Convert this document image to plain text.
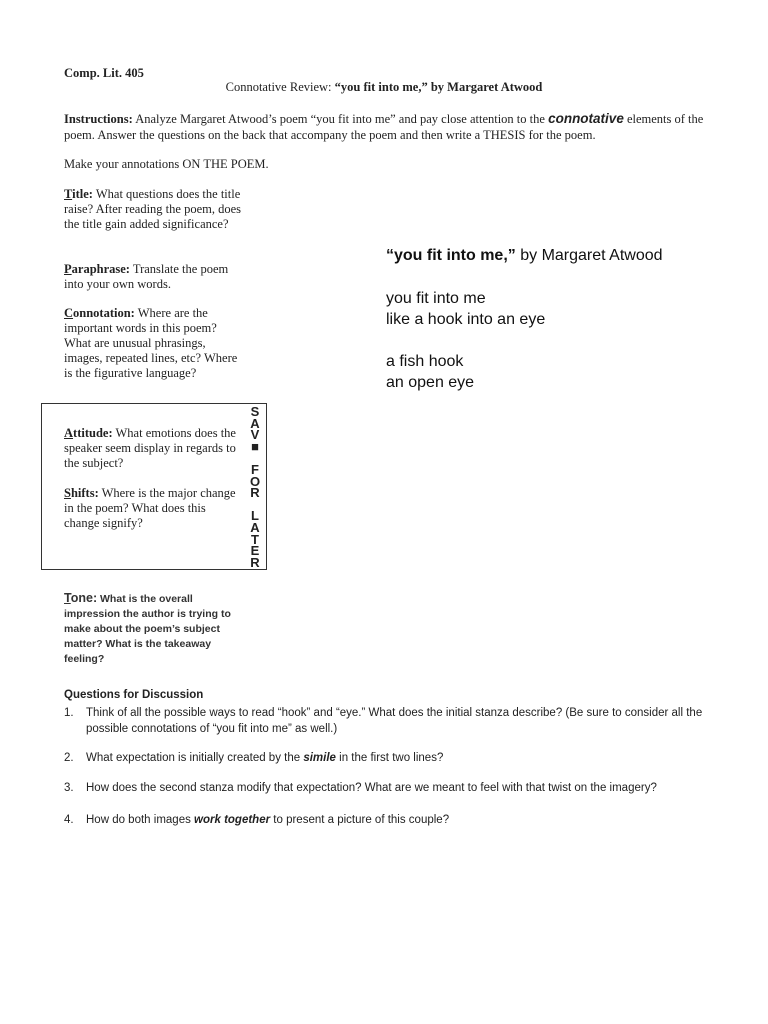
Comp. Lit. 405
Connotative Review: “you fit into me,” by Margaret Atwood
Instructions: Analyze Margaret Atwood’s poem “you fit into me” and pay close attention to the connotative elements of the poem. Answer the questions on the back that accompany the poem and then write a THESIS for the poem.
Make your annotations ON THE POEM.
Title: What questions does the title raise? After reading the poem, does the title gain added significance?
Paraphrase: Translate the poem into your own words.
Connotation: Where are the important words in this poem? What are unusual phrasings, images, repeated lines, etc? Where is the figurative language?
Attitude: What emotions does the speaker seem display in regards to the subject?
Shifts: Where is the major change in the poem? What does this change signify?
S
A
V
■

F
O
R

L
A
T
E
R
Tone: What is the overall impression the author is trying to make about the poem’s subject matter? What is the takeaway feeling?
“you fit into me,” by Margaret Atwood
you fit into me
like a hook into an eye
a fish hook
an open eye
Questions for Discussion
1. Think of all the possible ways to read “hook” and “eye.” What does the initial stanza describe? (Be sure to consider all the possible connotations of “you fit into me” as well.)
2. What expectation is initially created by the simile in the first two lines?
3. How does the second stanza modify that expectation? What are we meant to feel with that twist on the imagery?
4. How do both images work together to present a picture of this couple?
